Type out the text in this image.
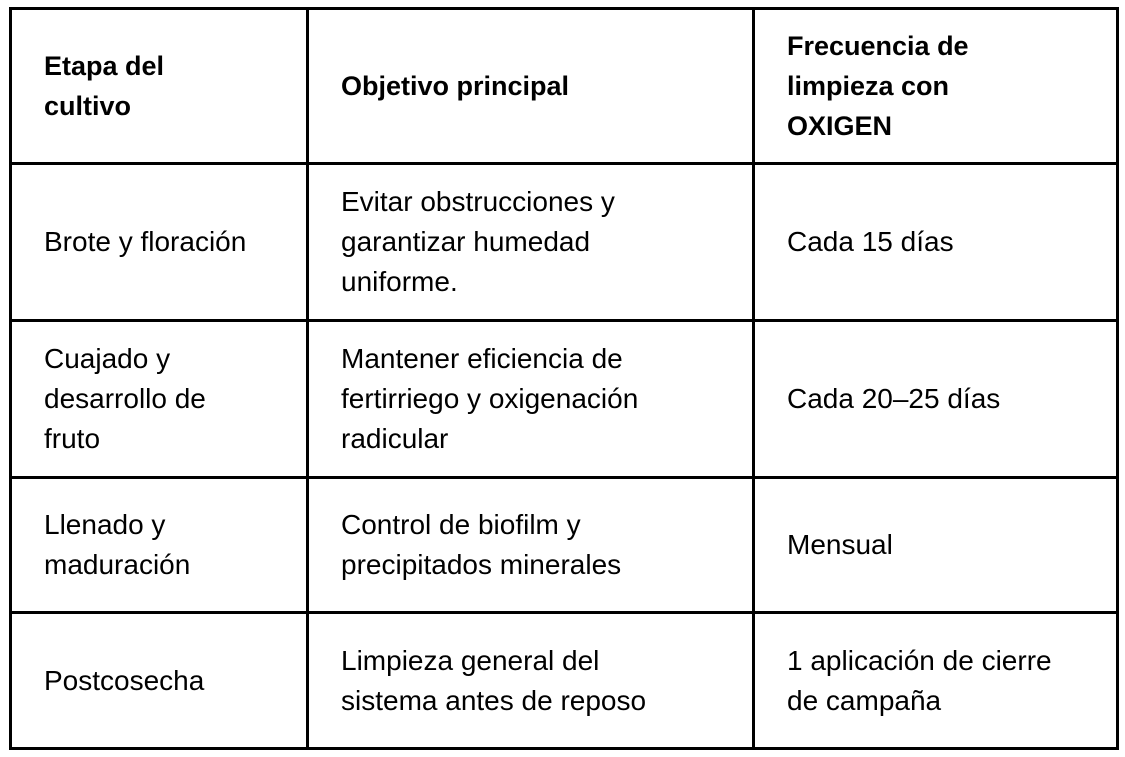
Etapa del cultivo	Objetivo principal	Frecuencia de limpieza con OXIGEN
Brote y floración	Evitar obstrucciones y garantizar humedad uniforme.	Cada 15 días
Cuajado y desarrollo de fruto	Mantener eficiencia de fertirriego y oxigenación radicular	Cada 20–25 días
Llenado y maduración	Control de biofilm y precipitados minerales	Mensual
Postcosecha	Limpieza general del sistema antes de reposo	1 aplicación de cierre de campaña
